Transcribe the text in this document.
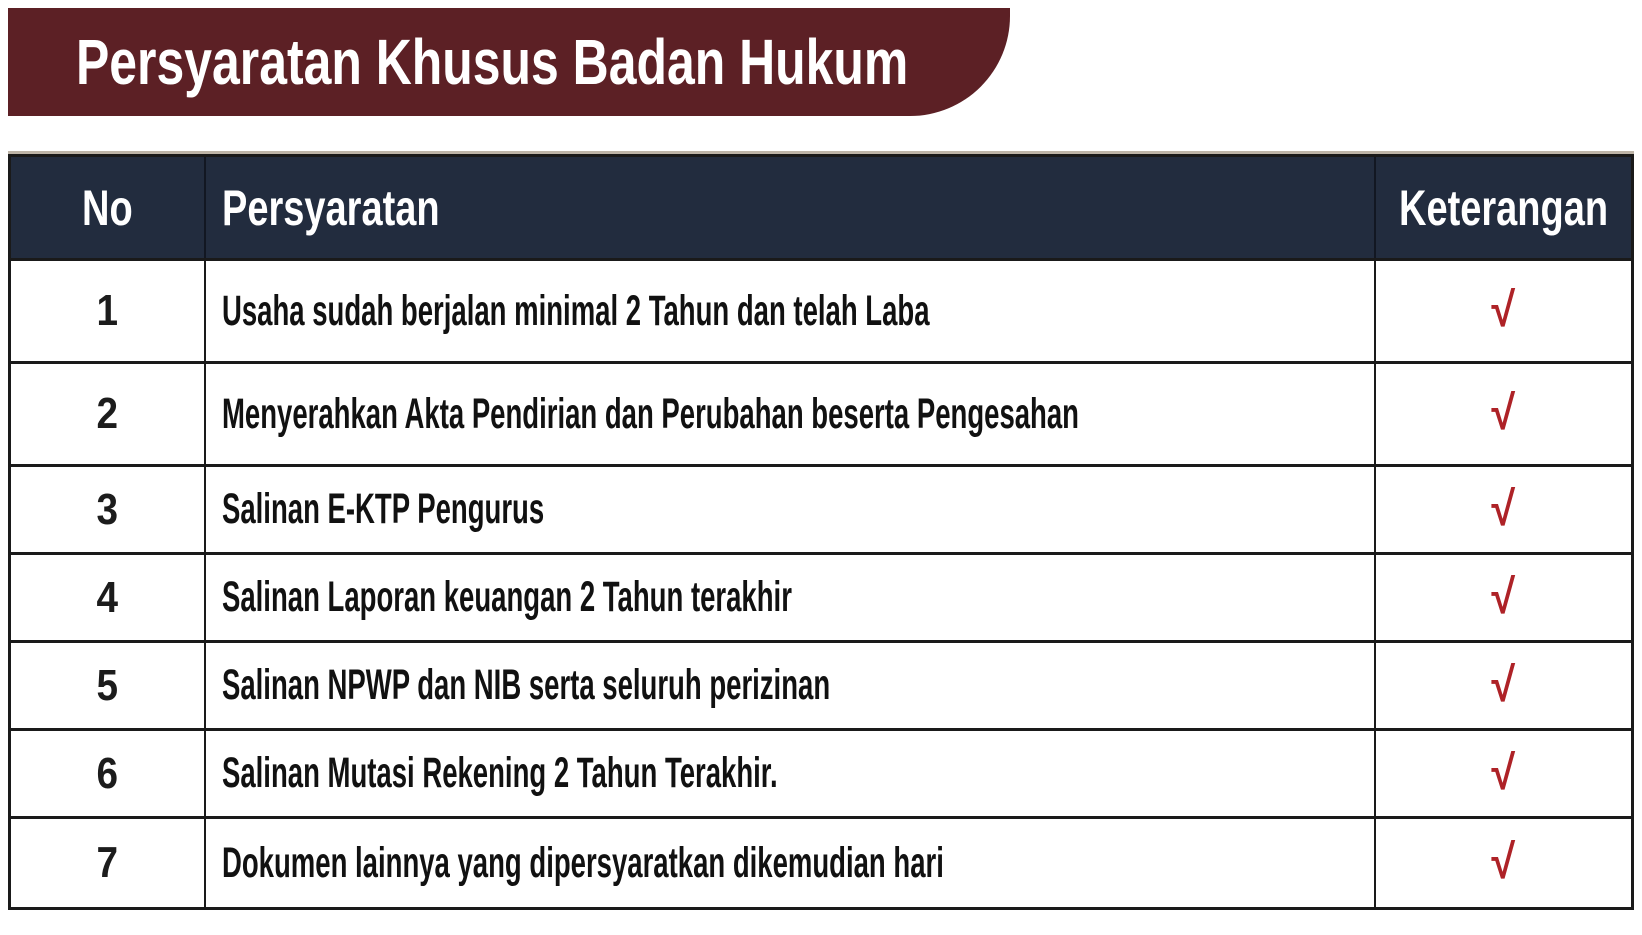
Persyaratan Khusus Badan Hukum
No Persyaratan	Keterangan
1 Usaha sudah berjalan minimal 2 Tahun dan telah Laba	√
2 Menyerahkan Akta Pendirian dan Perubahan beserta Pengesahan	√
3 Salinan E-KTP Pengurus	√
4 Salinan Laporan keuangan 2 Tahun terakhir	√
5 Salinan NPWP dan NIB serta seluruh perizinan	√
6 Salinan Mutasi Rekening 2 Tahun Terakhir.	√
7 Dokumen lainnya yang dipersyaratkan dikemudian hari	√
